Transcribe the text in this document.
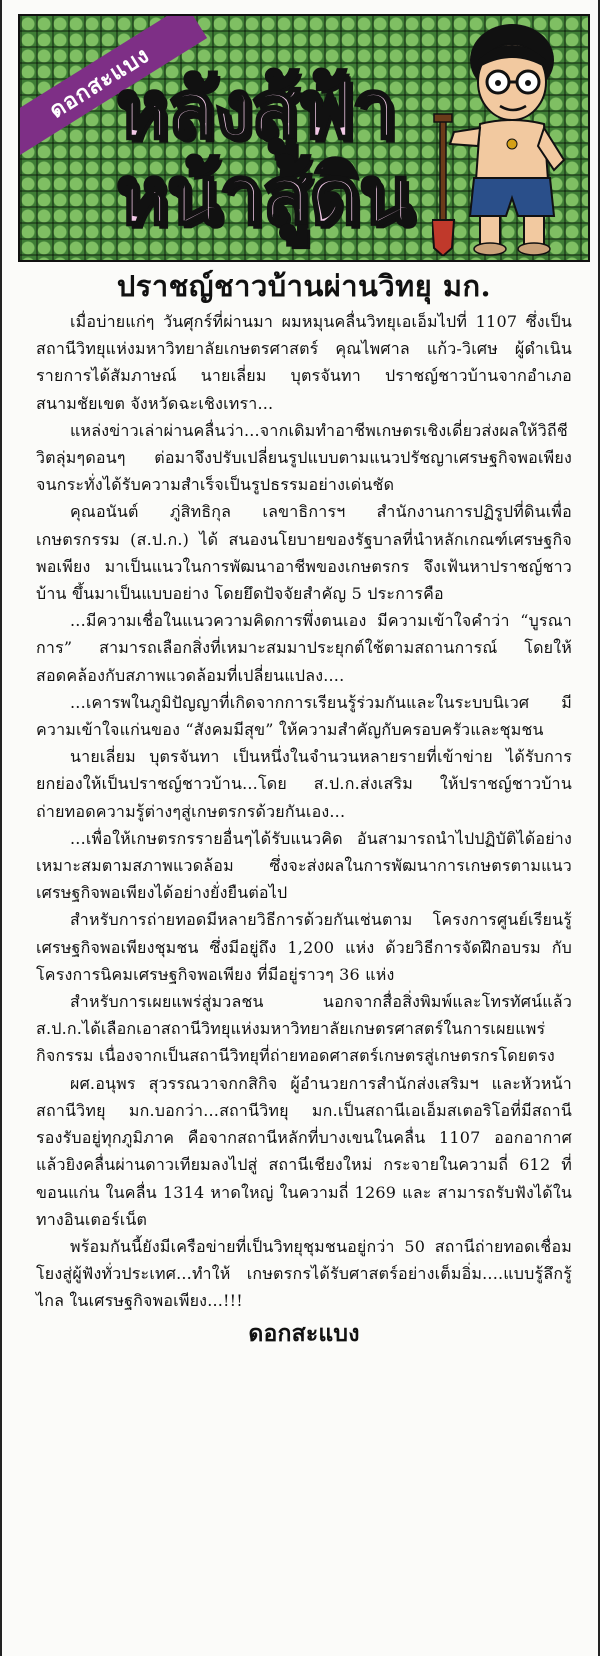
ดอกสะแบง
หลังสู้ฟ้า
หน้าสู้ดิน
ปราชญ์ชาวบ้านผ่านวิทยุ มก.

เมื่อบ่ายแก่ๆ วันศุกร์ที่ผ่านมา ผมหมุนคลื่นวิทยุเอเอ็มไปที่ 1107 ซึ่งเป็นสถานีวิทยุแห่งมหาวิทยาลัยเกษตรศาสตร์ คุณไพศาล แก้ว-วิเศษ ผู้ดำเนินรายการได้สัมภาษณ์ นายเลี่ยม บุตรจันทา ปราชญ์ชาวบ้านจากอำเภอสนามชัยเขต จังหวัดฉะเชิงเทรา...

แหล่งข่าวเล่าผ่านคลื่นว่า...จากเดิมทำอาชีพเกษตรเชิงเดี่ยวส่งผลให้วิถีชีวิตลุ่มๆดอนๆ ต่อมาจึงปรับเปลี่ยนรูปแบบตามแนวปรัชญาเศรษฐกิจพอเพียง จนกระทั่งได้รับความสำเร็จเป็นรูปธรรมอย่างเด่นชัด

คุณอนันต์ ภู่สิทธิกุล เลขาธิการฯ สำนักงานการปฏิรูปที่ดินเพื่อเกษตรกรรม (ส.ป.ก.) ได้ สนองนโยบายของรัฐบาลที่นำหลักเกณฑ์เศรษฐกิจพอเพียง มาเป็นแนวในการพัฒนาอาชีพของเกษตรกร จึงเฟ้นหาปราชญ์ชาวบ้าน ขึ้นมาเป็นแบบอย่าง โดยยึดปัจจัยสำคัญ 5 ประการคือ

...มีความเชื่อในแนวความคิดการพึ่งตนเอง มีความเข้าใจคำว่า “บูรณาการ” สามารถเลือกสิ่งที่เหมาะสมมาประยุกต์ใช้ตามสถานการณ์ โดยให้สอดคล้องกับสภาพแวดล้อมที่เปลี่ยนแปลง....

...เคารพในภูมิปัญญาที่เกิดจากการเรียนรู้ร่วมกันและในระบบนิเวศ มีความเข้าใจแก่นของ “สังคมมีสุข” ให้ความสำคัญกับครอบครัวและชุมชน

นายเลี่ยม บุตรจันทา เป็นหนึ่งในจำนวนหลายรายที่เข้าข่าย ได้รับการยกย่องให้เป็นปราชญ์ชาวบ้าน...โดย ส.ป.ก.ส่งเสริม ให้ปราชญ์ชาวบ้านถ่ายทอดความรู้ต่างๆสู่เกษตรกรด้วยกันเอง...

...เพื่อให้เกษตรกรรายอื่นๆได้รับแนวคิด อันสามารถนำไปปฏิบัติได้อย่างเหมาะสมตามสภาพแวดล้อม ซึ่งจะส่งผลในการพัฒนาการเกษตรตามแนวเศรษฐกิจพอเพียงได้อย่างยั่งยืนต่อไป

สำหรับการถ่ายทอดมีหลายวิธีการด้วยกันเช่นตาม โครงการศูนย์เรียนรู้เศรษฐกิจพอเพียงชุมชน ซึ่งมีอยู่ถึง 1,200 แห่ง ด้วยวิธีการจัดฝึกอบรม กับ โครงการนิคมเศรษฐกิจพอเพียง ที่มีอยู่ราวๆ 36 แห่ง

สำหรับการเผยแพร่สู่มวลชน นอกจากสื่อสิ่งพิมพ์และโทรทัศน์แล้ว ส.ป.ก.ได้เลือกเอาสถานีวิทยุแห่งมหาวิทยาลัยเกษตรศาสตร์ในการเผยแพร่กิจกรรม เนื่องจากเป็นสถานีวิทยุที่ถ่ายทอดศาสตร์เกษตรสู่เกษตรกรโดยตรง

ผศ.อนุพร สุวรรณวาจกกสิกิจ ผู้อำนวยการสำนักส่งเสริมฯ และหัวหน้าสถานีวิทยุ มก.บอกว่า...สถานีวิทยุ มก.เป็นสถานีเอเอ็มสเตอริโอที่มีสถานีรองรับอยู่ทุกภูมิภาค คือจากสถานีหลักที่บางเขนในคลื่น 1107 ออกอากาศแล้วยิงคลื่นผ่านดาวเทียมลงไปสู่ สถานีเชียงใหม่ กระจายในความถี่ 612 ที่ ขอนแก่น ในคลื่น 1314 หาดใหญ่ ในความถี่ 1269 และ สามารถรับฟังได้ในทางอินเตอร์เน็ต

พร้อมกันนี้ยังมีเครือข่ายที่เป็นวิทยุชุมชนอยู่กว่า 50 สถานีถ่ายทอดเชื่อมโยงสู่ผู้ฟังทั่วประเทศ...ทำให้ เกษตรกรได้รับศาสตร์อย่างเต็มอิ่ม....แบบรู้ลึกรู้ไกล ในเศรษฐกิจพอเพียง...!!!

ดอกสะแบง
